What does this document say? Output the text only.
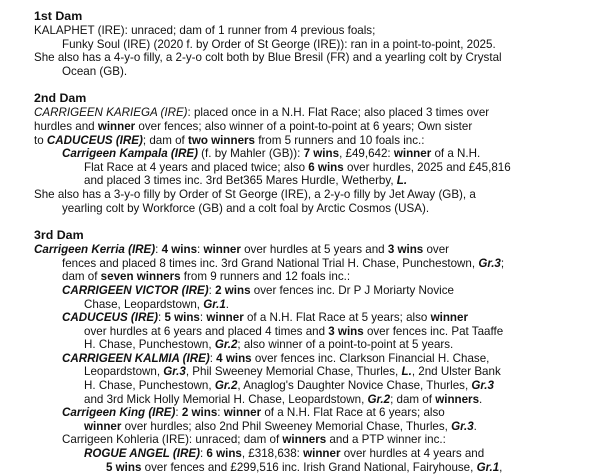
1st Dam
KALAPHET (IRE): unraced; dam of 1 runner from 4 previous foals;
Funky Soul (IRE) (2020 f. by Order of St George (IRE)): ran in a point-to-point, 2025.
She also has a 4-y-o filly, a 2-y-o colt both by Blue Bresil (FR) and a yearling colt by Crystal
Ocean (GB).
2nd Dam
CARRIGEEN KARIEGA (IRE): placed once in a N.H. Flat Race; also placed 3 times over
hurdles and winner over fences; also winner of a point-to-point at 6 years; Own sister
to CADUCEUS (IRE); dam of two winners from 5 runners and 10 foals inc.:
Carrigeen Kampala (IRE) (f. by Mahler (GB)): 7 wins, £49,642: winner of a N.H.
Flat Race at 4 years and placed twice; also 6 wins over hurdles, 2025 and £45,816
and placed 3 times inc. 3rd Bet365 Mares Hurdle, Wetherby, L.
She also has a 3-y-o filly by Order of St George (IRE), a 2-y-o filly by Jet Away (GB), a
yearling colt by Workforce (GB) and a colt foal by Arctic Cosmos (USA).
3rd Dam
Carrigeen Kerria (IRE): 4 wins: winner over hurdles at 5 years and 3 wins over
fences and placed 8 times inc. 3rd Grand National Trial H. Chase, Punchestown, Gr.3;
dam of seven winners from 9 runners and 12 foals inc.:
CARRIGEEN VICTOR (IRE): 2 wins over fences inc. Dr P J Moriarty Novice
Chase, Leopardstown, Gr.1.
CADUCEUS (IRE): 5 wins: winner of a N.H. Flat Race at 5 years; also winner
over hurdles at 6 years and placed 4 times and 3 wins over fences inc. Pat Taaffe
H. Chase, Punchestown, Gr.2; also winner of a point-to-point at 5 years.
CARRIGEEN KALMIA (IRE): 4 wins over fences inc. Clarkson Financial H. Chase,
Leopardstown, Gr.3, Phil Sweeney Memorial Chase, Thurles, L., 2nd Ulster Bank
H. Chase, Punchestown, Gr.2, Anaglog's Daughter Novice Chase, Thurles, Gr.3
and 3rd Mick Holly Memorial H. Chase, Leopardstown, Gr.2; dam of winners.
Carrigeen King (IRE): 2 wins: winner of a N.H. Flat Race at 6 years; also
winner over hurdles; also 2nd Phil Sweeney Memorial Chase, Thurles, Gr.3.
Carrigeen Kohleria (IRE): unraced; dam of winners and a PTP winner inc.:
ROGUE ANGEL (IRE): 6 wins, £318,638: winner over hurdles at 4 years and
5 wins over fences and £299,516 inc. Irish Grand National, Fairyhouse, Gr.1,
